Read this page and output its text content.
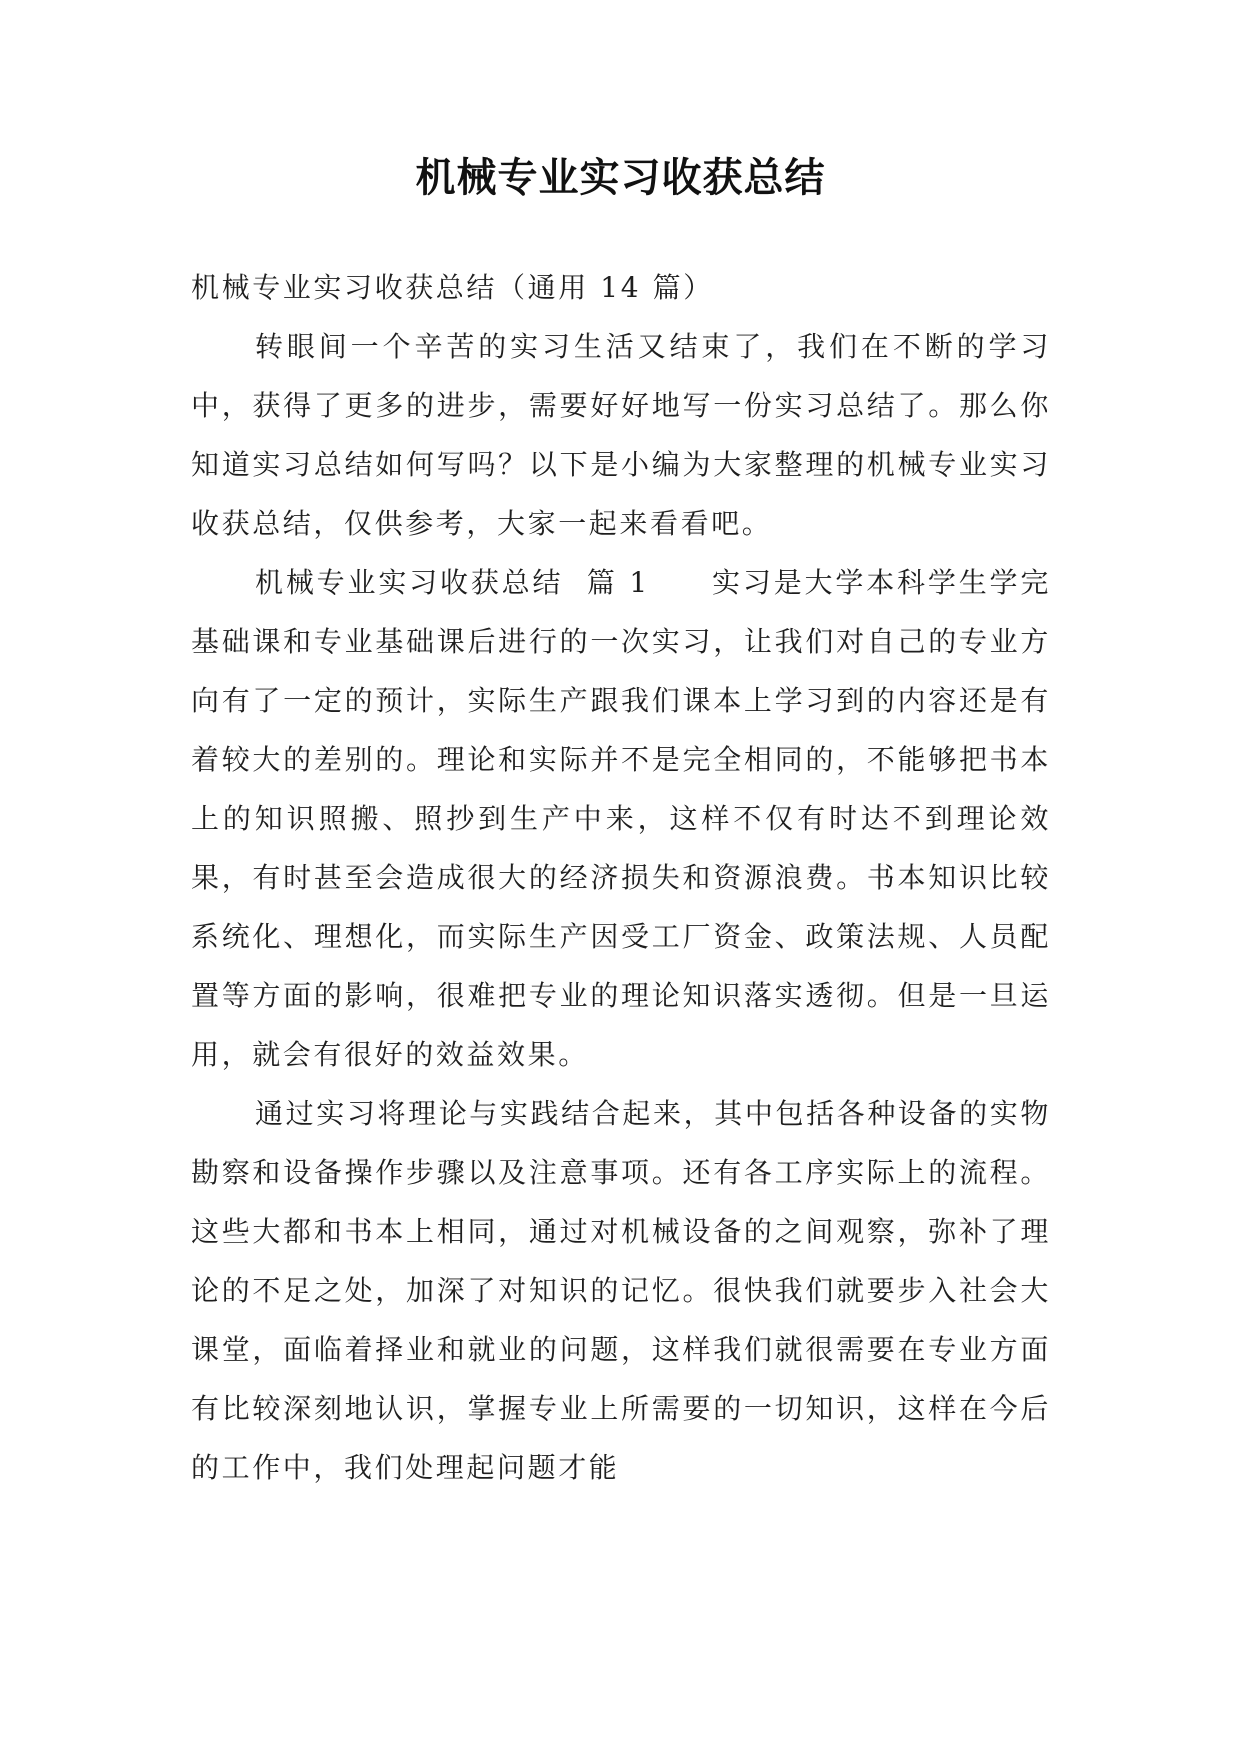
机械专业实习收获总结

机械专业实习收获总结（通用 14 篇）

转眼间一个辛苦的实习生活又结束了，我们在不断的学习中，获得了更多的进步，需要好好地写一份实习总结了。那么你知道实习总结如何写吗？以下是小编为大家整理的机械专业实习收获总结，仅供参考，大家一起来看看吧。

机械专业实习收获总结  篇 1 实习是大学本科学生学完基础课和专业基础课后进行的一次实习，让我们对自己的专业方向有了一定的预计，实际生产跟我们课本上学习到的内容还是有着较大的差别的。理论和实际并不是完全相同的，不能够把书本上的知识照搬、照抄到生产中来，这样不仅有时达不到理论效果，有时甚至会造成很大的经济损失和资源浪费。书本知识比较系统化、理想化，而实际生产因受工厂资金、政策法规、人员配置等方面的影响，很难把专业的理论知识落实透彻。但是一旦运用，就会有很好的效益效果。

通过实习将理论与实践结合起来，其中包括各种设备的实物勘察和设备操作步骤以及注意事项。还有各工序实际上的流程。这些大都和书本上相同，通过对机械设备的之间观察，弥补了理论的不足之处，加深了对知识的记忆。很快我们就要步入社会大课堂，面临着择业和就业的问题，这样我们就很需要在专业方面有比较深刻地认识，掌握专业上所需要的一切知识，这样在今后的工作中，我们处理起问题才能
